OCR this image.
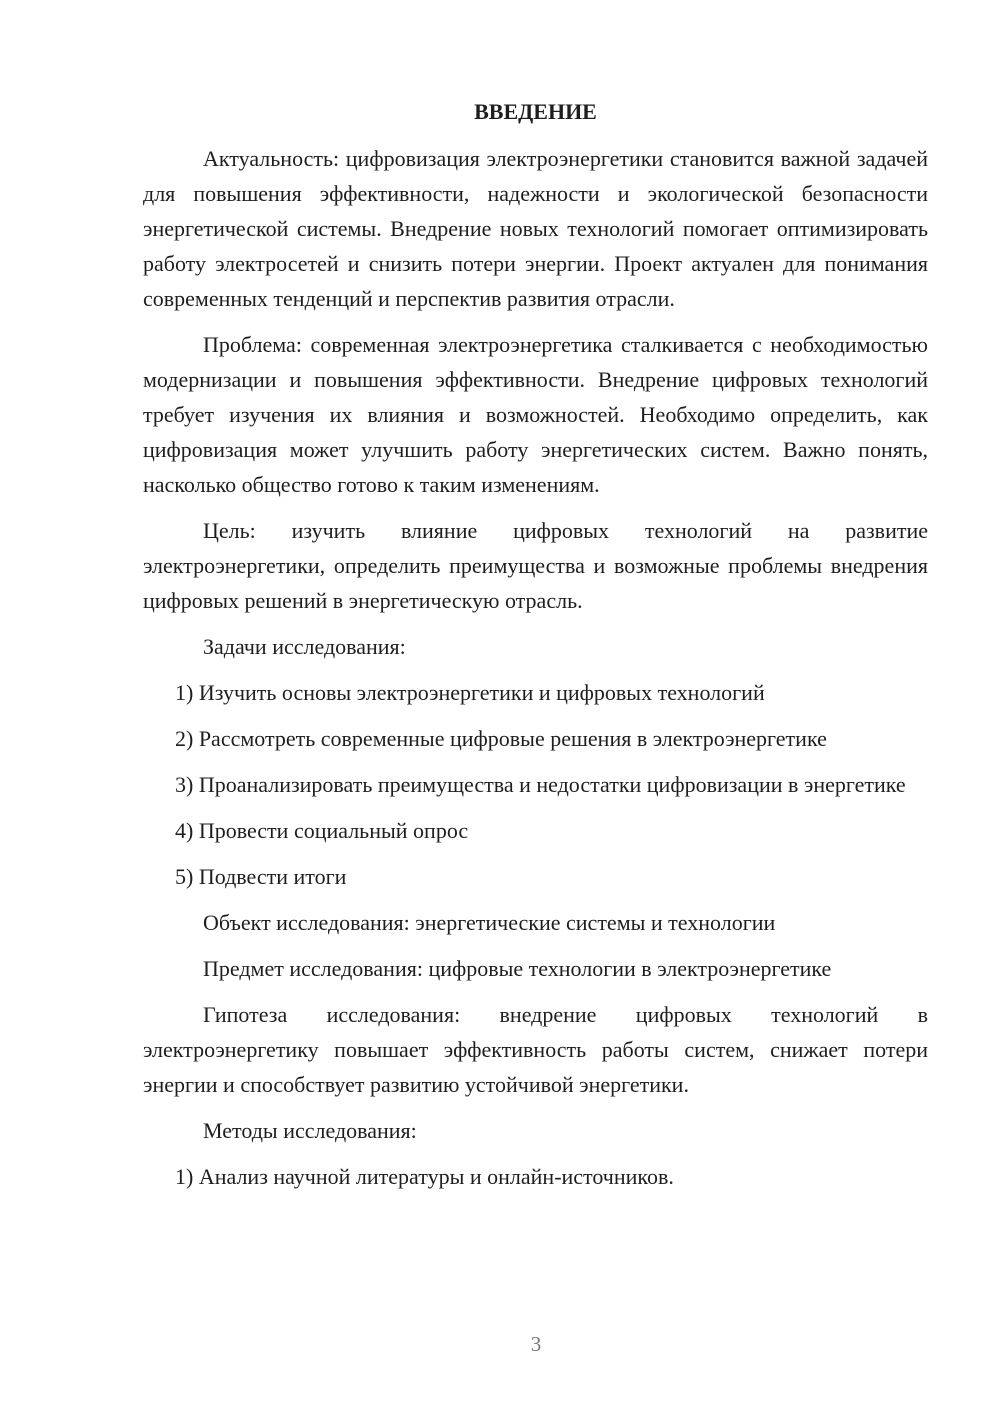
ВВЕДЕНИЕ

Актуальность: цифровизация электроэнергетики становится важной задачей для повышения эффективности, надежности и экологической безопасности энергетической системы. Внедрение новых технологий помогает оптимизировать работу электросетей и снизить потери энергии. Проект актуален для понимания современных тенденций и перспектив развития отрасли.

Проблема: современная электроэнергетика сталкивается с необходимостью модернизации и повышения эффективности. Внедрение цифровых технологий требует изучения их влияния и возможностей. Необходимо определить, как цифровизация может улучшить работу энергетических систем. Важно понять, насколько общество готово к таким изменениям.

Цель: изучить влияние цифровых технологий на развитие электроэнергетики, определить преимущества и возможные проблемы внедрения цифровых решений в энергетическую отрасль.

Задачи исследования:

1) Изучить основы электроэнергетики и цифровых технологий

2) Рассмотреть современные цифровые решения в электроэнергетике

3) Проанализировать преимущества и недостатки цифровизации в энергетике

4) Провести социальный опрос

5) Подвести итоги

Объект исследования: энергетические системы и технологии

Предмет исследования: цифровые технологии в электроэнергетике

Гипотеза исследования: внедрение цифровых технологий в электроэнергетику повышает эффективность работы систем, снижает потери энергии и способствует развитию устойчивой энергетики.

Методы исследования:

1) Анализ научной литературы и онлайн-источников.

3
